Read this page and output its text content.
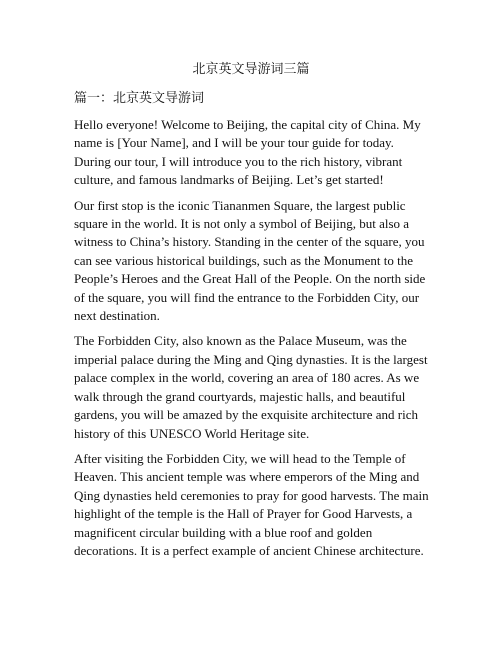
北京英文导游词三篇
篇一：北京英文导游词

Hello everyone! Welcome to Beijing, the capital city of China. My name is [Your Name], and I will be your tour guide for today. During our tour, I will introduce you to the rich history, vibrant culture, and famous landmarks of Beijing. Let’s get started!

Our first stop is the iconic Tiananmen Square, the largest public square in the world. It is not only a symbol of Beijing, but also a witness to China’s history. Standing in the center of the square, you can see various historical buildings, such as the Monument to the People’s Heroes and the Great Hall of the People. On the north side of the square, you will find the entrance to the Forbidden City, our next destination.

The Forbidden City, also known as the Palace Museum, was the imperial palace during the Ming and Qing dynasties. It is the largest palace complex in the world, covering an area of 180 acres. As we walk through the grand courtyards, majestic halls, and beautiful gardens, you will be amazed by the exquisite architecture and rich history of this UNESCO World Heritage site.

After visiting the Forbidden City, we will head to the Temple of Heaven. This ancient temple was where emperors of the Ming and Qing dynasties held ceremonies to pray for good harvests. The main highlight of the temple is the Hall of Prayer for Good Harvests, a magnificent circular building with a blue roof and golden decorations. It is a perfect example of ancient Chinese architecture.
